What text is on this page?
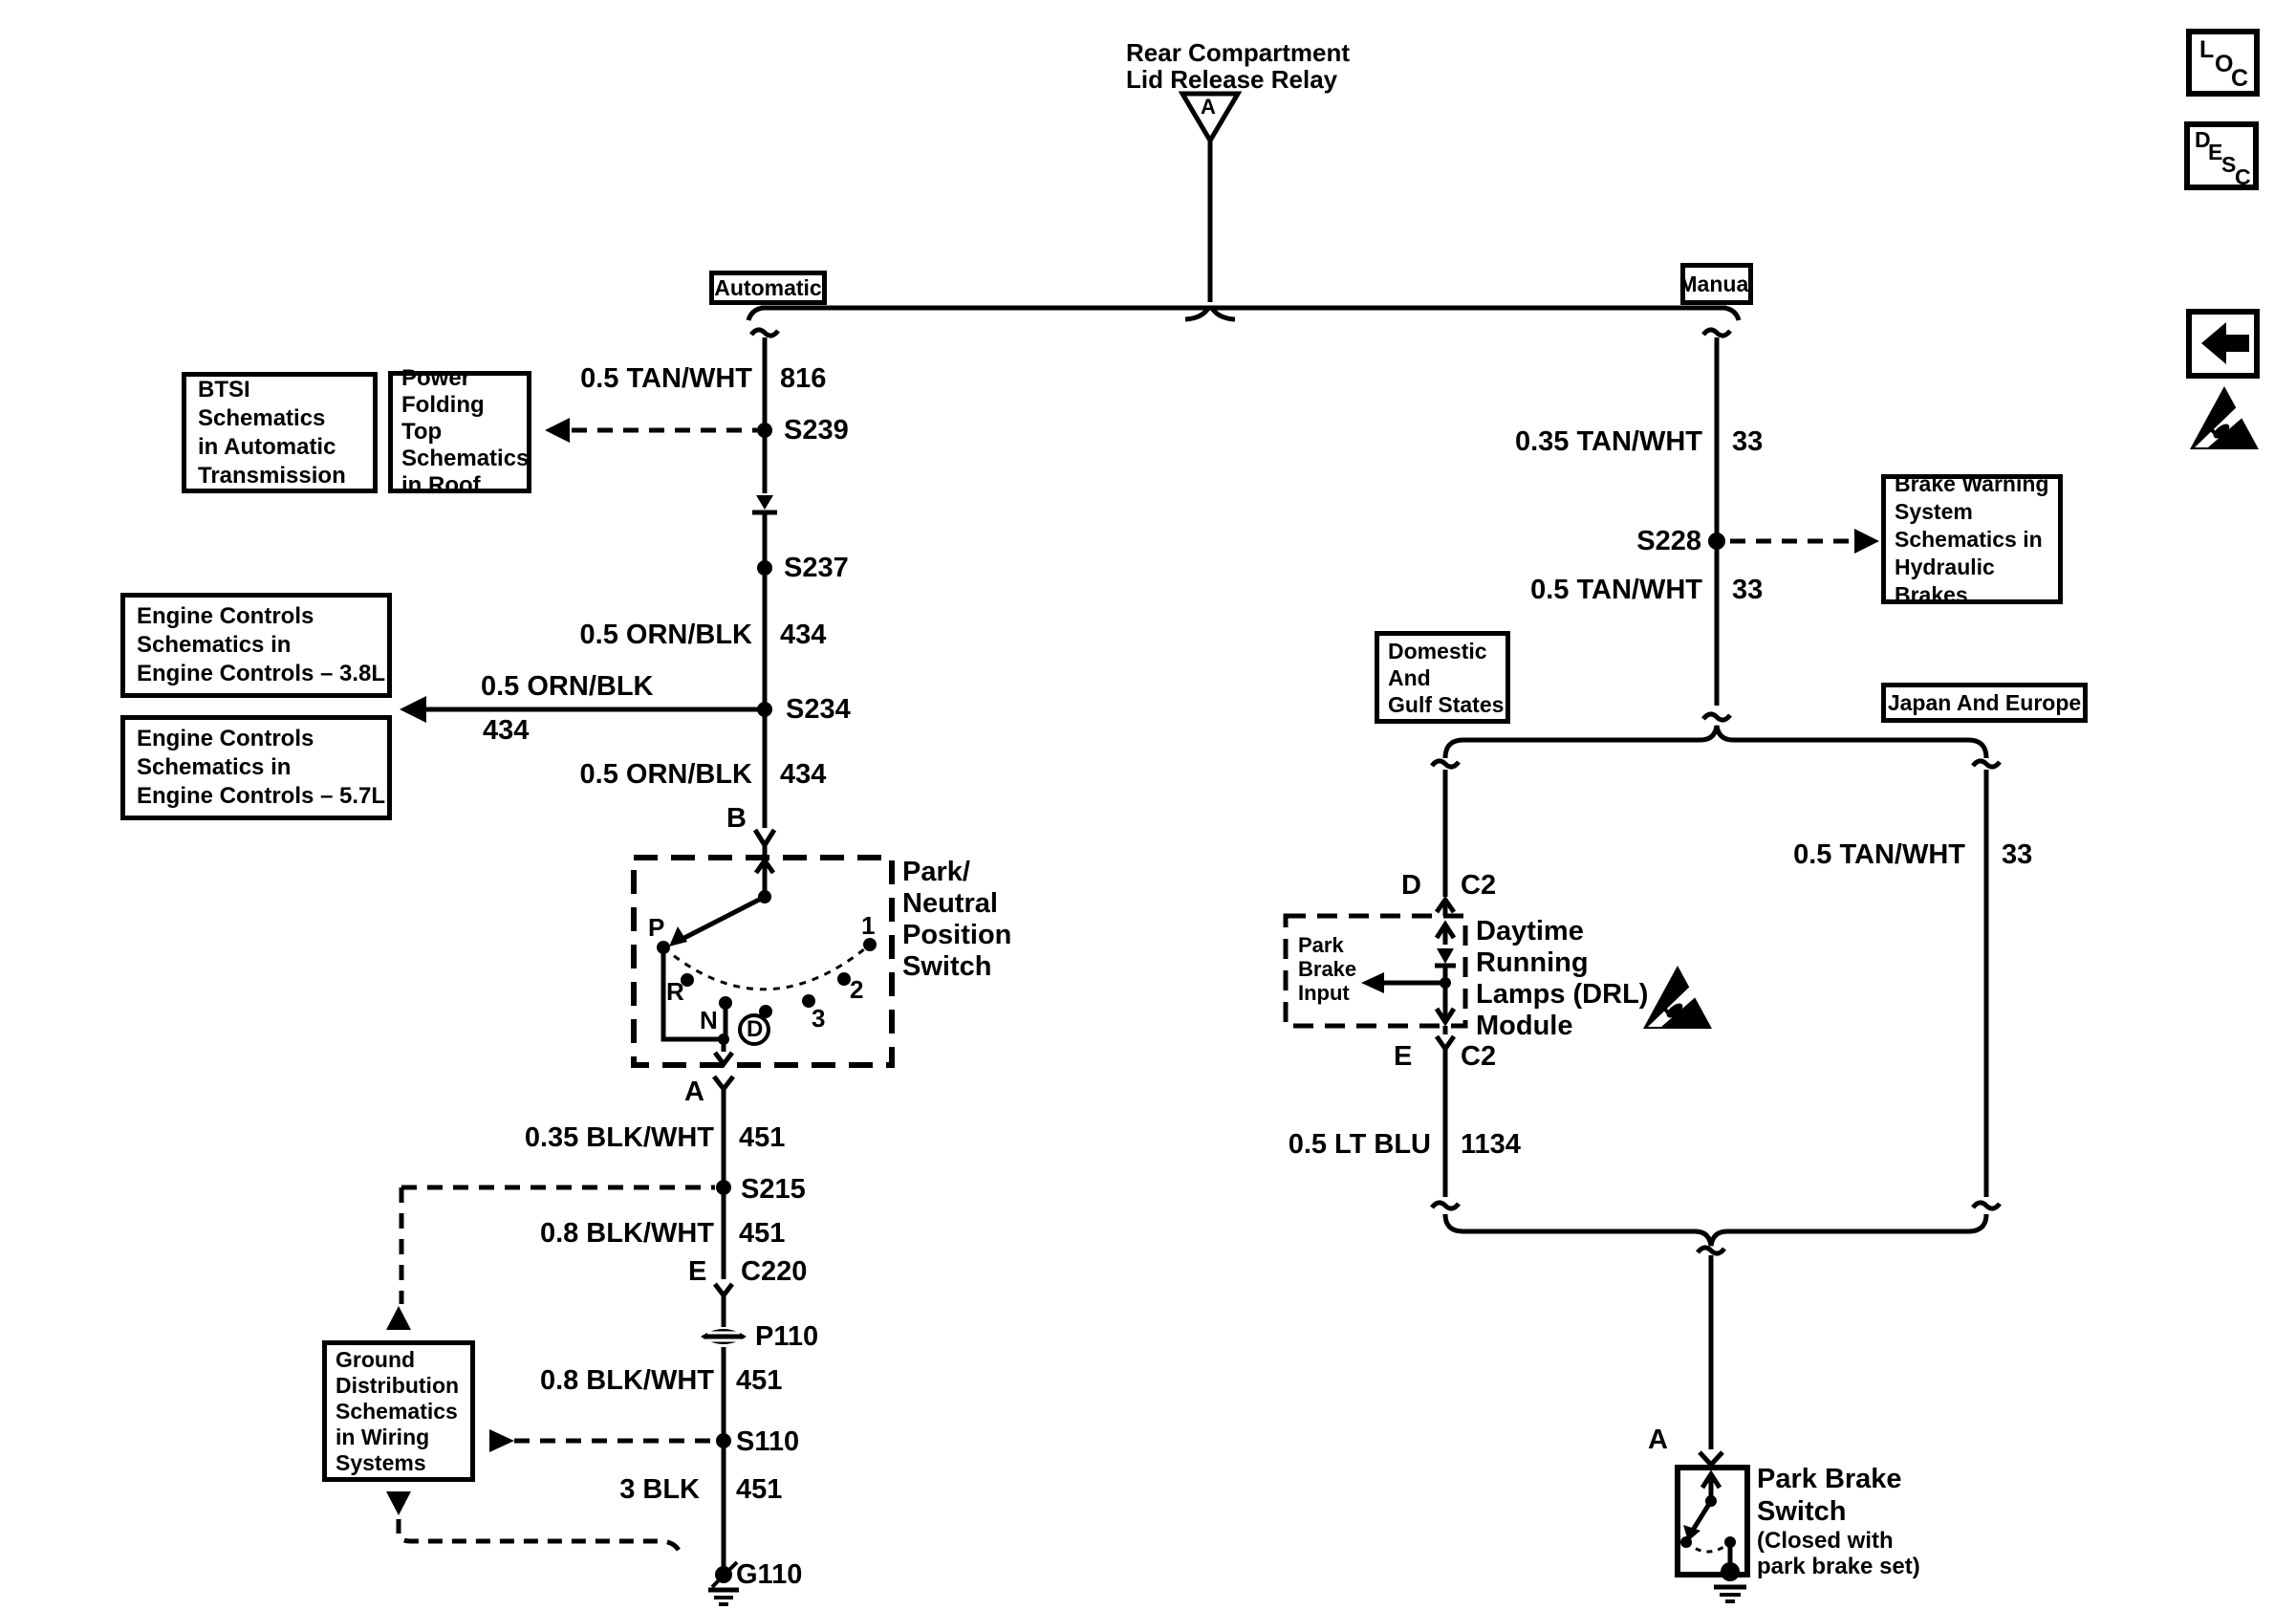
Rear Compartment
Lid Release Relay
A
Automatic	Manual
0.5 TAN/WHT 816
S239
S237
0.5 ORN/BLK 434
S234
0.5 ORN/BLK
434
0.5 ORN/BLK 434
B
Park/
Neutral
Position
Switch
P
R
N D 3
2
1
A
0.35 BLK/WHT 451
S215
0.8 BLK/WHT 451
E C220
P110
0.8 BLK/WHT 451
S110
3 BLK 451
G110
0.35 TAN/WHT 33
S228
0.5 TAN/WHT 33
D C2
E C2
0.5 LT BLU 1134
0.5 TAN/WHT 33
A
Park
Brake
Input
Daytime
Running
Lamps (DRL)
Module
Park Brake
Switch
(Closed with
park brake set)
BTSI Schematics
in Automatic
Transmission
Power
Folding Top
Schematics
in Roof
Engine Controls
Schematics in
Engine Controls – 3.8L
Engine Controls
Schematics in
Engine Controls – 5.7L
Ground
Distribution
Schematics
in Wiring
Systems
Brake Warning
System
Schematics in
Hydraulic Brakes
Domestic
And
Gulf States	Japan And Europe
L
O
C
D
E
S
C
